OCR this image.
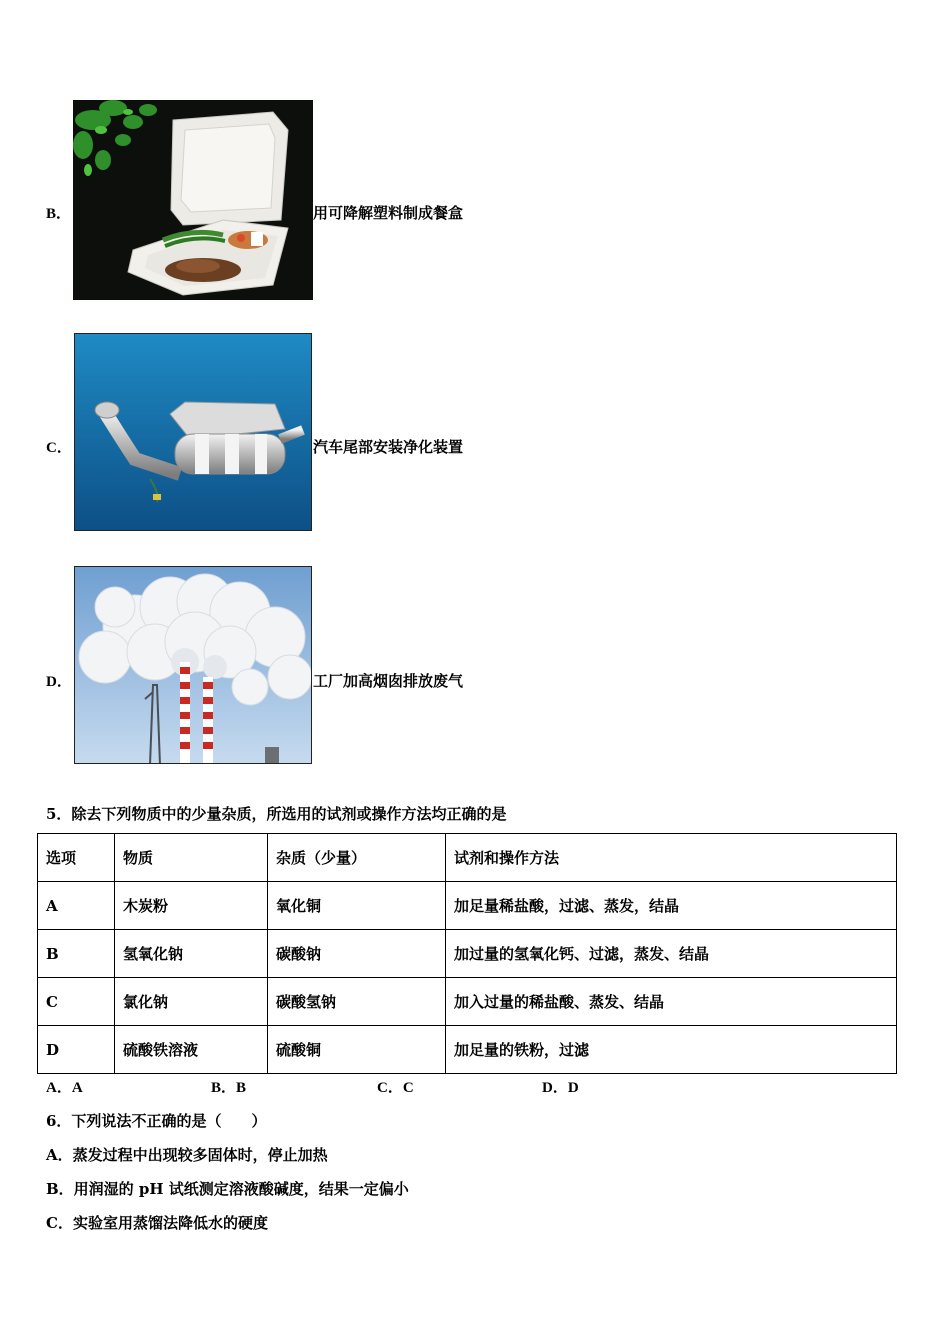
B．	用可降解塑料制成餐盒
C．	汽车尾部安装净化装置
D．	工厂加高烟囱排放废气
5．除去下列物质中的少量杂质，所选用的试剂或操作方法均正确的是
选项	物质	杂质（少量）	试剂和操作方法
A	木炭粉	氧化铜	加足量稀盐酸，过滤、蒸发，结晶
B	氢氧化钠	碳酸钠	加过量的氢氧化钙、过滤，蒸发、结晶
C	氯化钠	碳酸氢钠	加入过量的稀盐酸、蒸发、结晶
D	硫酸铁溶液	硫酸铜	加足量的铁粉，过滤
A．A	B．B	C．C	D．D
6．下列说法不正确的是（　　）
A．蒸发过程中出现较多固体时，停止加热
B．用润湿的 pH 试纸测定溶液酸碱度，结果一定偏小
C．实验室用蒸馏法降低水的硬度
